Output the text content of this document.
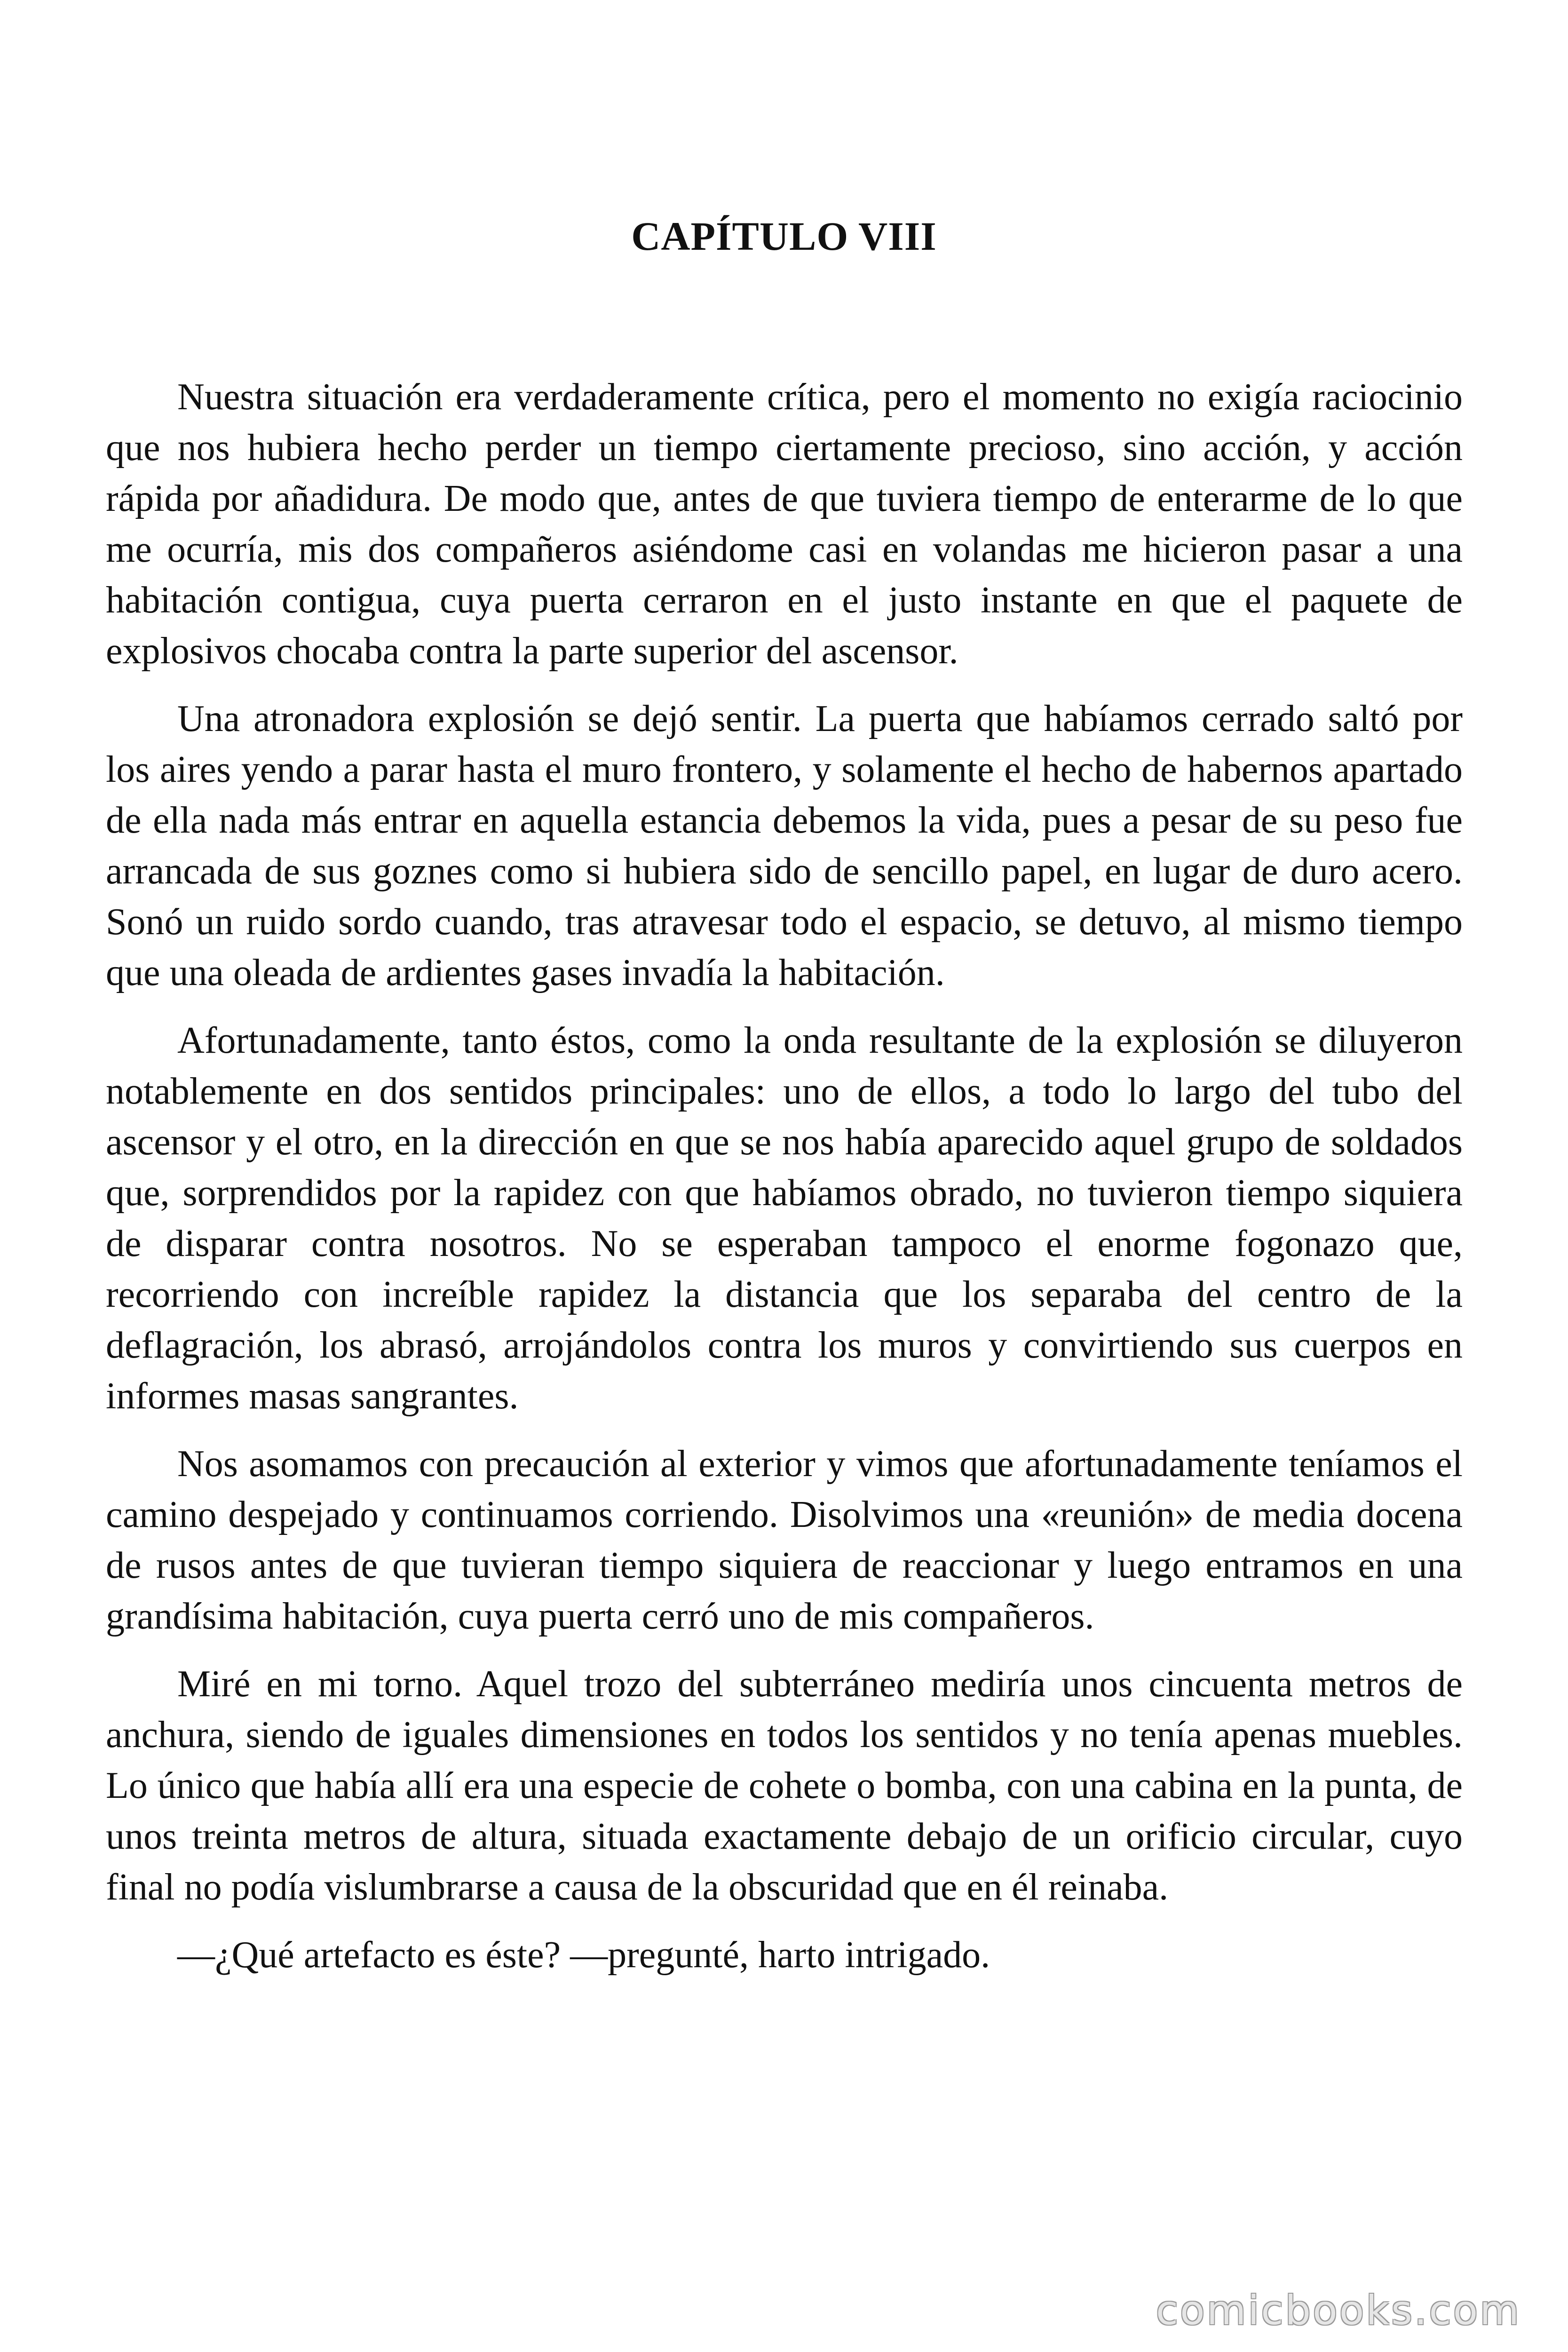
CAPÍTULO VIII

Nuestra situación era verdaderamente crítica, pero el momento no exigía raciocinio que nos hubiera hecho perder un tiempo ciertamente precioso, sino acción, y acción rápida por añadidura. De modo que, antes de que tuviera tiempo de enterarme de lo que me ocurría, mis dos compañeros asiéndome casi en volandas me hicieron pasar a una habitación contigua, cuya puerta cerraron en el justo instante en que el paquete de explosivos chocaba contra la parte superior del ascensor.

Una atronadora explosión se dejó sentir. La puerta que habíamos cerrado saltó por los aires yendo a parar hasta el muro frontero, y solamente el hecho de habernos apartado de ella nada más entrar en aquella estancia debemos la vida, pues a pesar de su peso fue arrancada de sus goznes como si hubiera sido de sencillo papel, en lugar de duro acero. Sonó un ruido sordo cuando, tras atravesar todo el espacio, se detuvo, al mismo tiempo que una oleada de ardientes gases invadía la habitación.

Afortunadamente, tanto éstos, como la onda resultante de la explosión se diluyeron notablemente en dos sentidos principales: uno de ellos, a todo lo largo del tubo del ascensor y el otro, en la dirección en que se nos había aparecido aquel grupo de soldados que, sorprendidos por la rapidez con que habíamos obrado, no tuvieron tiempo siquiera de disparar contra nosotros. No se esperaban tampoco el enorme fogonazo que, recorriendo con increíble rapidez la distancia que los separaba del centro de la deflagración, los abrasó, arrojándolos contra los muros y convirtiendo sus cuerpos en informes masas sangrantes.

Nos asomamos con precaución al exterior y vimos que afortunadamente teníamos el camino despejado y continuamos corriendo. Disolvimos una «reunión» de media docena de rusos antes de que tuvieran tiempo siquiera de reaccionar y luego entramos en una grandísima habitación, cuya puerta cerró uno de mis compañeros.

Miré en mi torno. Aquel trozo del subterráneo mediría unos cincuenta metros de anchura, siendo de iguales dimensiones en todos los sentidos y no tenía apenas muebles. Lo único que había allí era una especie de cohete o bomba, con una cabina en la punta, de unos treinta metros de altura, situada exactamente debajo de un orificio circular, cuyo final no podía vislumbrarse a causa de la obscuridad que en él reinaba.

—¿Qué artefacto es éste? —pregunté, harto intrigado.

comicbooks.com
